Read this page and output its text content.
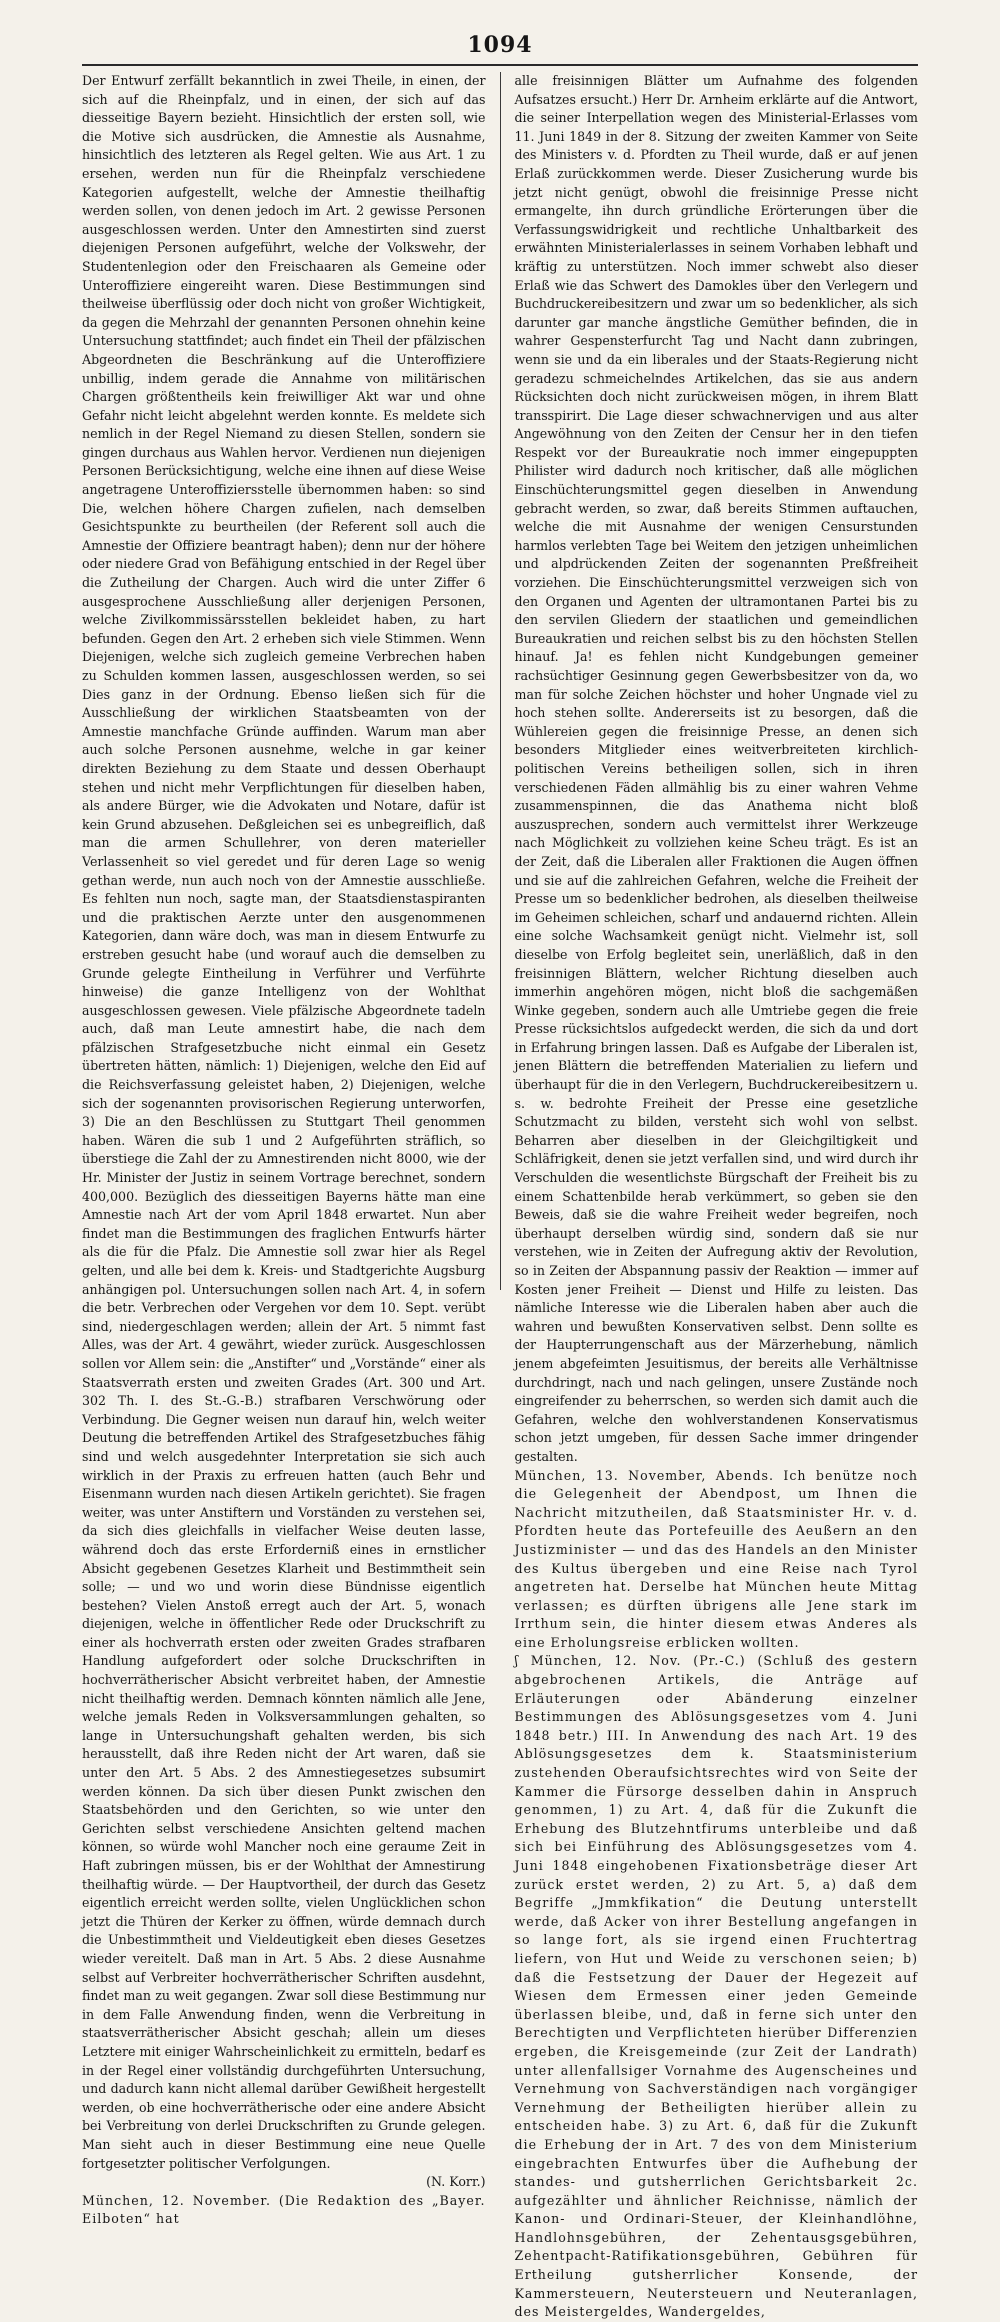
1094

Der Entwurf zerfällt bekanntlich in zwei Theile, in einen, der sich auf die Rheinpfalz, und in einen, der sich auf das diesseitige Bayern bezieht. Hinsichtlich der ersten soll, wie die Motive sich ausdrücken, die Amnestie als Ausnahme, hinsichtlich des letzteren als Regel gelten. Wie aus Art. 1 zu ersehen, werden nun für die Rheinpfalz verschiedene Kategorien aufgestellt, welche der Amnestie theilhaftig werden sollen, von denen jedoch im Art. 2 gewisse Personen ausgeschlossen werden. Unter den Amnestirten sind zuerst diejenigen Personen aufgeführt, welche der Volkswehr, der Studentenlegion oder den Freischaaren als Gemeine oder Unteroffiziere eingereiht waren. Diese Bestimmungen sind theilweise überflüssig oder doch nicht von großer Wichtigkeit, da gegen die Mehrzahl der genannten Personen ohnehin keine Untersuchung stattfindet; auch findet ein Theil der pfälzischen Abgeordneten die Beschränkung auf die Unteroffiziere unbillig, indem gerade die Annahme von militärischen Chargen größtentheils kein freiwilliger Akt war und ohne Gefahr nicht leicht abgelehnt werden konnte. Es meldete sich nemlich in der Regel Niemand zu diesen Stellen, sondern sie gingen durchaus aus Wahlen hervor. Verdienen nun diejenigen Personen Berücksichtigung, welche eine ihnen auf diese Weise angetragene Unteroffiziersstelle übernommen haben: so sind Die, welchen höhere Chargen zufielen, nach demselben Gesichtspunkte zu beurtheilen (der Referent soll auch die Amnestie der Offiziere beantragt haben); denn nur der höhere oder niedere Grad von Befähigung entschied in der Regel über die Zutheilung der Chargen. Auch wird die unter Ziffer 6 ausgesprochene Ausschließung aller derjenigen Personen, welche Zivilkommissärsstellen bekleidet haben, zu hart befunden. Gegen den Art. 2 erheben sich viele Stimmen. Wenn Diejenigen, welche sich zugleich gemeine Verbrechen haben zu Schulden kommen lassen, ausgeschlossen werden, so sei Dies ganz in der Ordnung. Ebenso ließen sich für die Ausschließung der wirklichen Staatsbeamten von der Amnestie manchfache Gründe auffinden. Warum man aber auch solche Personen ausnehme, welche in gar keiner direkten Beziehung zu dem Staate und dessen Oberhaupt stehen und nicht mehr Verpflichtungen für dieselben haben, als andere Bürger, wie die Advokaten und Notare, dafür ist kein Grund abzusehen. Deßgleichen sei es unbegreiflich, daß man die armen Schullehrer, von deren materieller Verlassenheit so viel geredet und für deren Lage so wenig gethan werde, nun auch noch von der Amnestie ausschließe. Es fehlten nun noch, sagte man, der Staatsdienstaspiranten und die praktischen Aerzte unter den ausgenommenen Kategorien, dann wäre doch, was man in diesem Entwurfe zu erstreben gesucht habe (und worauf auch die demselben zu Grunde gelegte Eintheilung in Verführer und Verführte hinweise) die ganze Intelligenz von der Wohlthat ausgeschlossen gewesen. Viele pfälzische Abgeordnete tadeln auch, daß man Leute amnestirt habe, die nach dem pfälzischen Strafgesetzbuche nicht einmal ein Gesetz übertreten hätten, nämlich: 1) Diejenigen, welche den Eid auf die Reichsverfassung geleistet haben, 2) Diejenigen, welche sich der sogenannten provisorischen Regierung unterworfen, 3) Die an den Beschlüssen zu Stuttgart Theil genommen haben. Wären die sub 1 und 2 Aufgeführten sträflich, so überstiege die Zahl der zu Amnestirenden nicht 8000, wie der Hr. Minister der Justiz in seinem Vortrage berechnet, sondern 400,000. Bezüglich des diesseitigen Bayerns hätte man eine Amnestie nach Art der vom April 1848 erwartet. Nun aber findet man die Bestimmungen des fraglichen Entwurfs härter als die für die Pfalz. Die Amnestie soll zwar hier als Regel gelten, und alle bei dem k. Kreis- und Stadtgerichte Augsburg anhängigen pol. Untersuchungen sollen nach Art. 4, in sofern die betr. Verbrechen oder Vergehen vor dem 10. Sept. verübt sind, niedergeschlagen werden; allein der Art. 5 nimmt fast Alles, was der Art. 4 gewährt, wieder zurück. Ausgeschlossen sollen vor Allem sein: die „Anstifter“ und „Vorstände“ einer als Staatsverrath ersten und zweiten Grades (Art. 300 und Art. 302 Th. I. des St.-G.-B.) strafbaren Verschwörung oder Verbindung. Die Gegner weisen nun darauf hin, welch weiter Deutung die betreffenden Artikel des Strafgesetzbuches fähig sind und welch ausgedehnter Interpretation sie sich auch wirklich in der Praxis zu erfreuen hatten (auch Behr und Eisenmann wurden nach diesen Artikeln gerichtet). Sie fragen weiter, was unter Anstiftern und Vorständen zu verstehen sei, da sich dies gleichfalls in vielfacher Weise deuten lasse, während doch das erste Erforderniß eines in ernstlicher Absicht gegebenen Gesetzes Klarheit und Bestimmtheit sein solle; — und wo und worin diese Bündnisse eigentlich bestehen? Vielen Anstoß erregt auch der Art. 5, wonach diejenigen, welche in öffentlicher Rede oder Druckschrift zu einer als hochverrath ersten oder zweiten Grades strafbaren Handlung aufgefordert oder solche Druckschriften in hochverrätherischer Absicht verbreitet haben, der Amnestie nicht theilhaftig werden. Demnach könnten nämlich alle Jene, welche jemals Reden in Volksversammlungen gehalten, so lange in Untersuchungshaft gehalten werden, bis sich herausstellt, daß ihre Reden nicht der Art waren, daß sie unter den Art. 5 Abs. 2 des Amnestiegesetzes subsumirt werden können. Da sich über diesen Punkt zwischen den Staatsbehörden und den Gerichten, so wie unter den Gerichten selbst verschiedene Ansichten geltend machen können, so würde wohl Mancher noch eine geraume Zeit in Haft zubringen müssen, bis er der Wohlthat der Amnestirung theilhaftig würde. — Der Hauptvortheil, der durch das Gesetz eigentlich erreicht werden sollte, vielen Unglücklichen schon jetzt die Thüren der Kerker zu öffnen, würde demnach durch die Unbestimmtheit und Vieldeutigkeit eben dieses Gesetzes wieder vereitelt. Daß man in Art. 5 Abs. 2 diese Ausnahme selbst auf Verbreiter hochverrätherischer Schriften ausdehnt, findet man zu weit gegangen. Zwar soll diese Bestimmung nur in dem Falle Anwendung finden, wenn die Verbreitung in staatsverrätherischer Absicht geschah; allein um dieses Letztere mit einiger Wahrscheinlichkeit zu ermitteln, bedarf es in der Regel einer vollständig durchgeführten Untersuchung, und dadurch kann nicht allemal darüber Gewißheit hergestellt werden, ob eine hochverrätherische oder eine andere Absicht bei Verbreitung von derlei Druckschriften zu Grunde gelegen. Man sieht auch in dieser Bestimmung eine neue Quelle fortgesetzter politischer Verfolgungen.

(N. Korr.)

München, 12. November. (Die Redaktion des „Bayer. Eilboten“ hat

alle freisinnigen Blätter um Aufnahme des folgenden Aufsatzes ersucht.) Herr Dr. Arnheim erklärte auf die Antwort, die seiner Interpellation wegen des Ministerial-Erlasses vom 11. Juni 1849 in der 8. Sitzung der zweiten Kammer von Seite des Ministers v. d. Pfordten zu Theil wurde, daß er auf jenen Erlaß zurückkommen werde. Dieser Zusicherung wurde bis jetzt nicht genügt, obwohl die freisinnige Presse nicht ermangelte, ihn durch gründliche Erörterungen über die Verfassungswidrigkeit und rechtliche Unhaltbarkeit des erwähnten Ministerialerlasses in seinem Vorhaben lebhaft und kräftig zu unterstützen. Noch immer schwebt also dieser Erlaß wie das Schwert des Damokles über den Verlegern und Buchdruckereibesitzern und zwar um so bedenklicher, als sich darunter gar manche ängstliche Gemüther befinden, die in wahrer Gespensterfurcht Tag und Nacht dann zubringen, wenn sie und da ein liberales und der Staats-Regierung nicht geradezu schmeichelndes Artikelchen, das sie aus andern Rücksichten doch nicht zurückweisen mögen, in ihrem Blatt transspirirt. Die Lage dieser schwachnervigen und aus alter Angewöhnung von den Zeiten der Censur her in den tiefen Respekt vor der Bureaukratie noch immer eingepuppten Philister wird dadurch noch kritischer, daß alle möglichen Einschüchterungsmittel gegen dieselben in Anwendung gebracht werden, so zwar, daß bereits Stimmen auftauchen, welche die mit Ausnahme der wenigen Censurstunden harmlos verlebten Tage bei Weitem den jetzigen unheimlichen und alpdrückenden Zeiten der sogenannten Preßfreiheit vorziehen. Die Einschüchterungsmittel verzweigen sich von den Organen und Agenten der ultramontanen Partei bis zu den servilen Gliedern der staatlichen und gemeindlichen Bureaukratien und reichen selbst bis zu den höchsten Stellen hinauf. Ja! es fehlen nicht Kundgebungen gemeiner rachsüchtiger Gesinnung gegen Gewerbsbesitzer von da, wo man für solche Zeichen höchster und hoher Ungnade viel zu hoch stehen sollte. Andererseits ist zu besorgen, daß die Wühlereien gegen die freisinnige Presse, an denen sich besonders Mitglieder eines weitverbreiteten kirchlich-politischen Vereins betheiligen sollen, sich in ihren verschiedenen Fäden allmählig bis zu einer wahren Vehme zusammenspinnen, die das Anathema nicht bloß auszusprechen, sondern auch vermittelst ihrer Werkzeuge nach Möglichkeit zu vollziehen keine Scheu trägt. Es ist an der Zeit, daß die Liberalen aller Fraktionen die Augen öffnen und sie auf die zahlreichen Gefahren, welche die Freiheit der Presse um so bedenklicher bedrohen, als dieselben theilweise im Geheimen schleichen, scharf und andauernd richten. Allein eine solche Wachsamkeit genügt nicht. Vielmehr ist, soll dieselbe von Erfolg begleitet sein, unerläßlich, daß in den freisinnigen Blättern, welcher Richtung dieselben auch immerhin angehören mögen, nicht bloß die sachgemäßen Winke gegeben, sondern auch alle Umtriebe gegen die freie Presse rücksichtslos aufgedeckt werden, die sich da und dort in Erfahrung bringen lassen. Daß es Aufgabe der Liberalen ist, jenen Blättern die betreffenden Materialien zu liefern und überhaupt für die in den Verlegern, Buchdruckereibesitzern u. s. w. bedrohte Freiheit der Presse eine gesetzliche Schutzmacht zu bilden, versteht sich wohl von selbst. Beharren aber dieselben in der Gleichgiltigkeit und Schläfrigkeit, denen sie jetzt verfallen sind, und wird durch ihr Verschulden die wesentlichste Bürgschaft der Freiheit bis zu einem Schattenbilde herab verkümmert, so geben sie den Beweis, daß sie die wahre Freiheit weder begreifen, noch überhaupt derselben würdig sind, sondern daß sie nur verstehen, wie in Zeiten der Aufregung aktiv der Revolution, so in Zeiten der Abspannung passiv der Reaktion — immer auf Kosten jener Freiheit — Dienst und Hilfe zu leisten. Das nämliche Interesse wie die Liberalen haben aber auch die wahren und bewußten Konservativen selbst. Denn sollte es der Haupterrungenschaft aus der Märzerhebung, nämlich jenem abgefeimten Jesuitismus, der bereits alle Verhältnisse durchdringt, nach und nach gelingen, unsere Zustände noch eingreifender zu beherrschen, so werden sich damit auch die Gefahren, welche den wohlverstandenen Konservatismus schon jetzt umgeben, für dessen Sache immer dringender gestalten.

München, 13. November, Abends. Ich benütze noch die Gelegenheit der Abendpost, um Ihnen die Nachricht mitzutheilen, daß Staatsminister Hr. v. d. Pfordten heute das Portefeuille des Aeußern an den Justizminister — und das des Handels an den Minister des Kultus übergeben und eine Reise nach Tyrol angetreten hat. Derselbe hat München heute Mittag verlassen; es dürften übrigens alle Jene stark im Irrthum sein, die hinter diesem etwas Anderes als eine Erholungsreise erblicken wollten.

ʃ München, 12. Nov. (Pr.-C.) (Schluß des gestern abgebrochenen Artikels, die Anträge auf Erläuterungen oder Abänderung einzelner Bestimmungen des Ablösungsgesetzes vom 4. Juni 1848 betr.) III. In Anwendung des nach Art. 19 des Ablösungsgesetzes dem k. Staatsministerium zustehenden Oberaufsichtsrechtes wird von Seite der Kammer die Fürsorge desselben dahin in Anspruch genommen, 1) zu Art. 4, daß für die Zukunft die Erhebung des Blutzehntfirums unterbleibe und daß sich bei Einführung des Ablösungsgesetzes vom 4. Juni 1848 eingehobenen Fixationsbeträge dieser Art zurück erstet werden, 2) zu Art. 5, a) daß dem Begriffe „Jmmkfikation“ die Deutung unterstellt werde, daß Acker von ihrer Bestellung angefangen in so lange fort, als sie irgend einen Fruchtertrag liefern, von Hut und Weide zu verschonen seien; b) daß die Festsetzung der Dauer der Hegezeit auf Wiesen dem Ermessen einer jeden Gemeinde überlassen bleibe, und, daß in ferne sich unter den Berechtigten und Verpflichteten hierüber Differenzien ergeben, die Kreisgemeinde (zur Zeit der Landrath) unter allenfallsiger Vornahme des Augenscheines und Vernehmung von Sachverständigen nach vorgängiger Vernehmung der Betheiligten hierüber allein zu entscheiden habe. 3) zu Art. 6, daß für die Zukunft die Erhebung der in Art. 7 des von dem Ministerium eingebrachten Entwurfes über die Aufhebung der standes- und gutsherrlichen Gerichtsbarkeit 2c. aufgezählter und ähnlicher Reichnisse, nämlich der Kanon- und Ordinari-Steuer, der Kleinhandlöhne, Handlohnsgebühren, der Zehentausgsgebühren, Zehentpacht-Ratifikationsgebühren, Gebühren für Ertheilung gutsherrlicher Konsende, der Kammersteuern, Neutersteuern und Neuteranlagen, des Meistergeldes, Wandergeldes,
